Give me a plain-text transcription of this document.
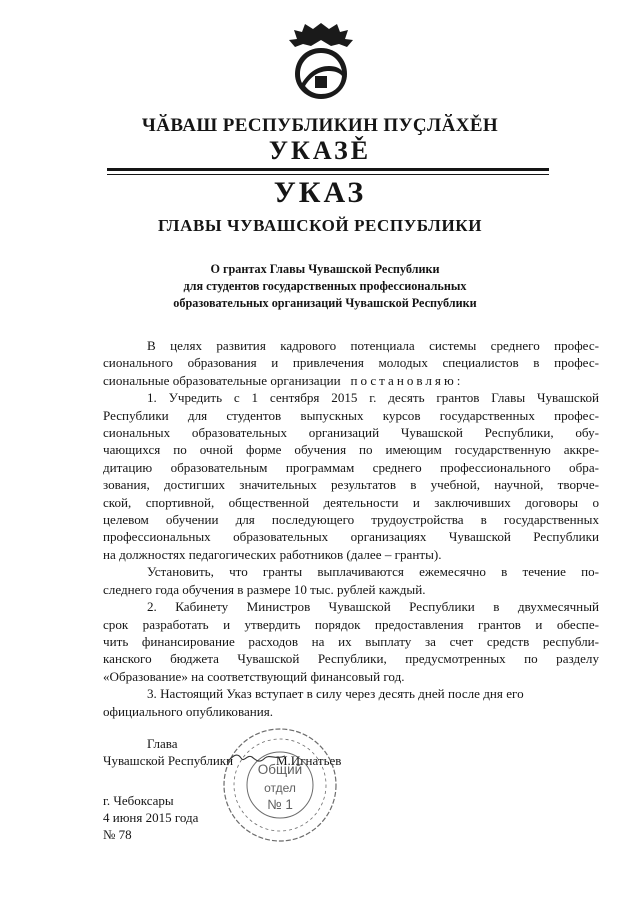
ЧӐВАШ РЕСПУБЛИКИН ПУҪЛӐХĚН
УКАЗĚ
УКАЗ
ГЛАВЫ ЧУВАШСКОЙ РЕСПУБЛИКИ
О грантах Главы Чувашской Республики
для студентов государственных профессиональных
образовательных организаций Чувашской Республики
В целях развития кадрового потенциала системы среднего профес-
сионального образования и привлечения молодых специалистов в профес-
сиональные образовательные организации постановляю:
1. Учредить с 1 сентября 2015 г. десять грантов Главы Чувашской
Республики для студентов выпускных курсов государственных профес-
сиональных образовательных организаций Чувашской Республики, обу-
чающихся по очной форме обучения по имеющим государственную аккре-
дитацию образовательным программам среднего профессионального обра-
зования, достигших значительных результатов в учебной, научной, творче-
ской, спортивной, общественной деятельности и заключивших договоры о
целевом обучении для последующего трудоустройства в государственных
профессиональных образовательных организациях Чувашской Республики
на должностях педагогических работников (далее – гранты).
Установить, что гранты выплачиваются ежемесячно в течение по-
следнего года обучения в размере 10 тыс. рублей каждый.
2. Кабинету Министров Чувашской Республики в двухмесячный
срок разработать и утвердить порядок предоставления грантов и обеспе-
чить финансирование расходов на их выплату за счет средств республи-
канского бюджета Чувашской Республики, предусмотренных по разделу
«Образование» на соответствующий финансовый год.
3. Настоящий Указ вступает в силу через десять дней после дня его
официального опубликования.
Глава
Чувашской Республики	М.Игнатьев
Общий
отдел
№ 1
г. Чебоксары
4 июня 2015 года
№ 78
